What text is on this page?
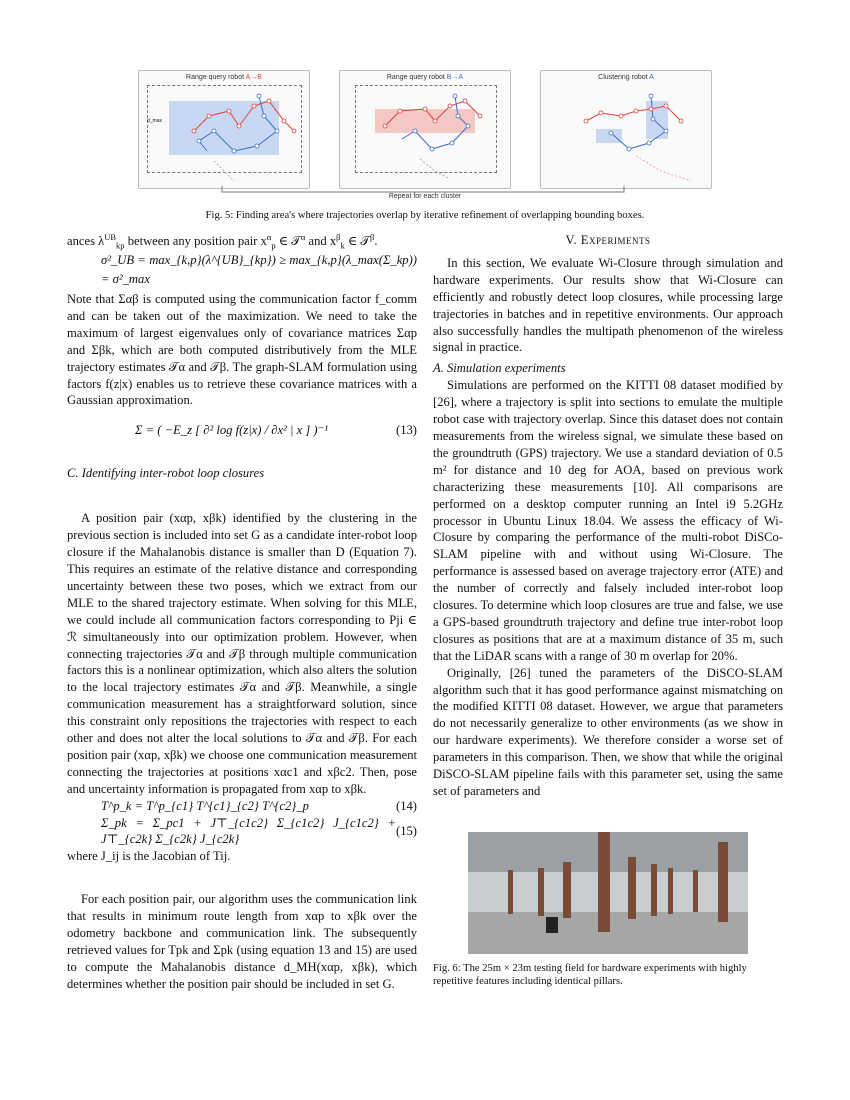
Range query robot A→B
d_max
Range query robot B→A	Clustering robot A
Repeat for each cluster
Fig. 5: Finding area's where trajectories overlap by iterative refinement of overlapping bounding boxes.

ances $\lambda^{UB}_{kp}$ between any position pair $x^\alpha_p$ ∈ 𝒯$^\alpha$ and $x^\beta_k$ ∈ 𝒯$^\beta$.

σ²_UB = max_{k,p}(λ^{UB}_{kp}) ≥ max_{k,p}(λ_max(Σ_kp)) = σ²_max

Note that Σαβ is computed using the communication factor f_comm and can be taken out of the maximization. We need to take the maximum of largest eigenvalues only of covariance matrices Σαp and Σβk, which are both computed distributively from the MLE trajectory estimates 𝒯α and 𝒯β. The graph-SLAM formulation using factors f(z|x) enables us to retrieve these covariance matrices with a Gaussian approximation.

Σ = ( −E_z [ ∂² log f(z|x) / ∂x² | x ] )⁻¹	(13)

C. Identifying inter-robot loop closures

A position pair (xαp, xβk) identified by the clustering in the previous section is included into set G as a candidate inter-robot loop closure if the Mahalanobis distance is smaller than D (Equation 7). This requires an estimate of the relative distance and corresponding uncertainty between these two poses, which we extract from our MLE to the shared trajectory estimate. When solving for this MLE, we could include all communication factors corresponding to Pji ∈ ℛ simultaneously into our optimization problem. However, when connecting trajectories 𝒯α and 𝒯β through multiple communication factors this is a nonlinear optimization, which also alters the solution to the local trajectory estimates 𝒯α and 𝒯β. Meanwhile, a single communication measurement has a straightforward solution, since this constraint only repositions the trajectories with respect to each other and does not alter the local solutions to 𝒯α and 𝒯β. For each position pair (xαp, xβk) we choose one communication measurement connecting the trajectories at positions xαc1 and xβc2. Then, pose and uncertainty information is propagated from xαp to xβk.

T^p_k = T^p_{c1} T^{c1}_{c2} T^{c2}_p	(14)
Σ_pk = Σ_pc1 + J⊤_{c1c2} Σ_{c1c2} J_{c1c2} + J⊤_{c2k} Σ_{c2k} J_{c2k}
(15)

where J_ij is the Jacobian of Tij.

For each position pair, our algorithm uses the communication link that results in minimum route length from xαp to xβk over the odometry backbone and communication link. The subsequently retrieved values for Tpk and Σpk (using equation 13 and 15) are used to compute the Mahalanobis distance d_MH(xαp, xβk), which determines whether the position pair should be included in set G.

V. Experiments

In this section, We evaluate Wi-Closure through simulation and hardware experiments. Our results show that Wi-Closure can efficiently and robustly detect loop closures, while processing large trajectories in batches and in repetitive environments. Our approach also successfully handles the multipath phenomenon of the wireless signal in practice.

A. Simulation experiments

Simulations are performed on the KITTI 08 dataset modified by [26], where a trajectory is split into sections to emulate the multiple robot case with trajectory overlap. Since this dataset does not contain measurements from the wireless signal, we simulate these based on the groundtruth (GPS) trajectory. We use a standard deviation of 0.5 m² for distance and 10 deg for AOA, based on previous work characterizing these measurements [10]. All comparisons are performed on a desktop computer running an Intel i9 5.2GHz processor in Ubuntu Linux 18.04. We assess the efficacy of Wi-Closure by comparing the performance of the multi-robot DiSCo-SLAM pipeline with and without using Wi-Closure. The performance is assessed based on average trajectory error (ATE) and the number of correctly and falsely included inter-robot loop closures. To determine which loop closures are true and false, we use a GPS-based groundtruth trajectory and define true inter-robot loop closures as positions that are at a maximum distance of 35 m, such that the LiDAR scans with a range of 30 m overlap for 20%.

Originally, [26] tuned the parameters of the DiSCO-SLAM algorithm such that it has good performance against mismatching on the modified KITTI 08 dataset. However, we argue that parameters do not necessarily generalize to other environments (as we show in our hardware experiments). We therefore consider a worse set of parameters in this comparison. Then, we show that while the original DiSCO-SLAM pipeline fails with this parameter set, using the same set of parameters and

Fig. 6: The 25m × 23m testing field for hardware experiments with highly repetitive features including identical pillars.
